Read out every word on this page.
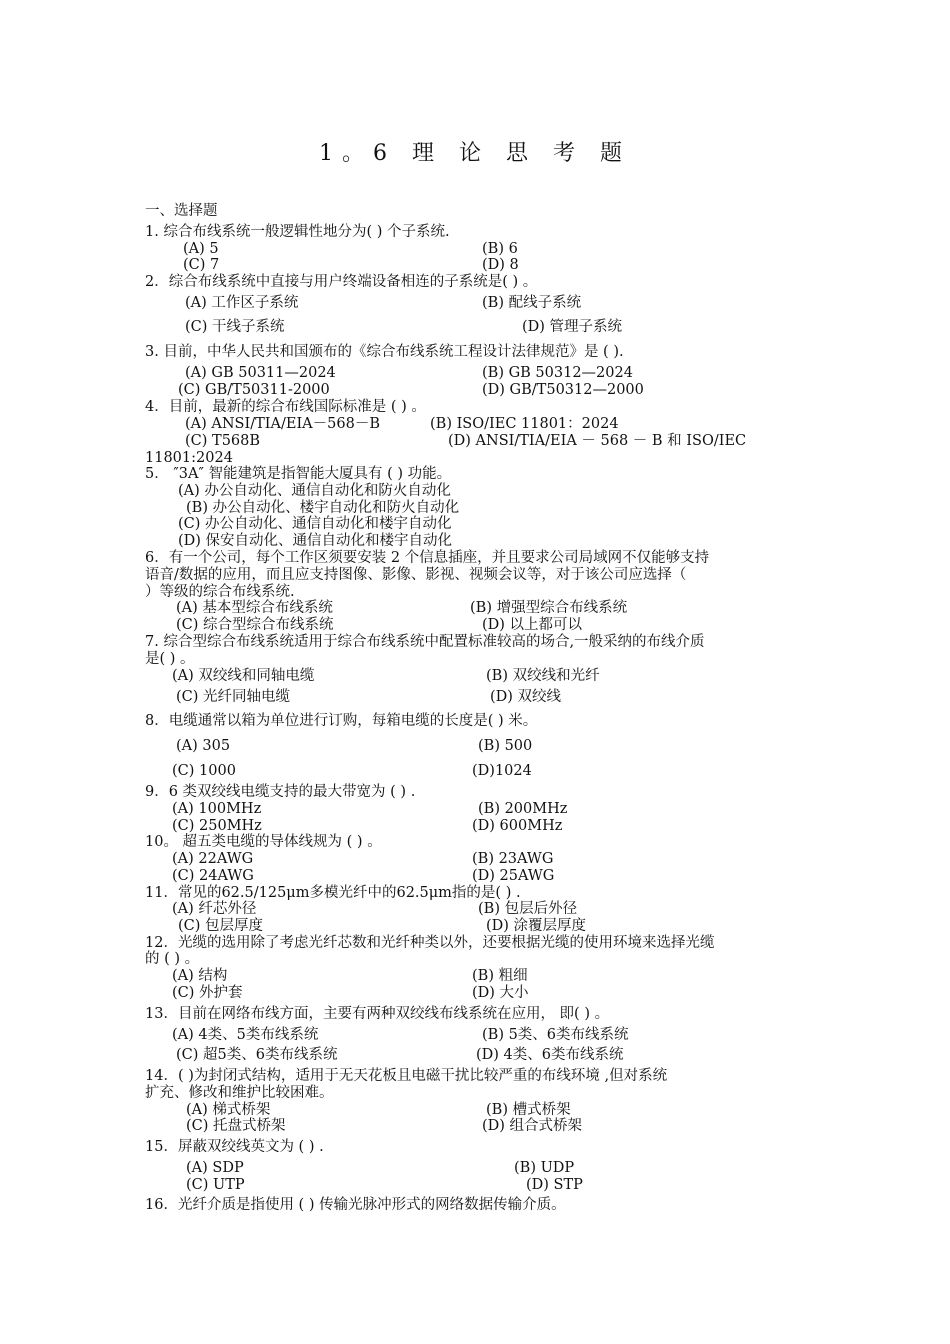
1。6 理 论 思 考 题
一、选择题
1. 综合布线系统一般逻辑性地分为( ) 个子系统.
(A) 5	(B) 6
(C) 7	(D) 8
2．综合布线系统中直接与用户终端设备相连的子系统是( ) 。
(A) 工作区子系统	(B) 配线子系统
(C) 干线子系统	(D) 管理子系统
3. 目前，中华人民共和国颁布的《综合布线系统工程设计法律规范》是 ( ).
(A) GB 50311—2024	(B) GB 50312—2024
(C) GB/T50311-2000	(D) GB/T50312—2000
4．目前，最新的综合布线国际标准是 ( ) 。
(A) ANSI/TIA/EIA－568－B	(B) ISO/IEC 11801：2024
(C) T568B	(D) ANSI/TIA/EIA － 568 － B 和 ISO/IEC
11801:2024
5． ″3A″ 智能建筑是指智能大厦具有 ( ) 功能。
(A) 办公自动化、通信自动化和防火自动化
(B) 办公自动化、楼宇自动化和防火自动化
(C) 办公自动化、通信自动化和楼宇自动化
(D) 保安自动化、通信自动化和楼宇自动化
6．有一个公司，每个工作区须要安装 2 个信息插座，并且要求公司局域网不仅能够支持
语音/数据的应用，而且应支持图像、影像、影视、视频会议等，对于该公司应选择（
）等级的综合布线系统.
(A) 基本型综合布线系统	(B) 增强型综合布线系统
(C) 综合型综合布线系统	(D) 以上都可以
7. 综合型综合布线系统适用于综合布线系统中配置标准较高的场合,一般采纳的布线介质
是( ) 。
(A) 双绞线和同轴电缆	(B) 双绞线和光纤
(C) 光纤同轴电缆	(D) 双绞线
8．电缆通常以箱为单位进行订购，每箱电缆的长度是( ) 米。
(A) 305	(B) 500
(C) 1000	(D)1024
9．6 类双绞线电缆支持的最大带宽为 ( ) .
(A) 100MHz	(B) 200MHz
(C) 250MHz	(D) 600MHz
10。 超五类电缆的导体线规为 ( ) 。
(A) 22AWG	(B) 23AWG
(C) 24AWG	(D) 25AWG
11．常见的62.5/125μm多模光纤中的62.5μm指的是( ) .
(A) 纤芯外径	(B) 包层后外径
(C) 包层厚度	(D) 涂覆层厚度
12．光缆的选用除了考虑光纤芯数和光纤种类以外，还要根据光缆的使用环境来选择光缆
的 ( ) 。
(A) 结构	(B) 粗细
(C) 外护套	(D) 大小
13．目前在网络布线方面，主要有两种双绞线布线系统在应用， 即( ) 。
(A) 4类、5类布线系统	(B) 5类、6类布线系统
(C) 超5类、6类布线系统	(D) 4类、6类布线系统
14．( )为封闭式结构，适用于无天花板且电磁干扰比较严重的布线环境 ,但对系统
扩充、修改和维护比较困难。
(A) 梯式桥架	(B) 槽式桥架
(C) 托盘式桥架	(D) 组合式桥架
15．屏蔽双绞线英文为 ( ) .
(A) SDP	(B) UDP
(C) UTP	(D) STP
16．光纤介质是指使用 ( ) 传输光脉冲形式的网络数据传输介质。
